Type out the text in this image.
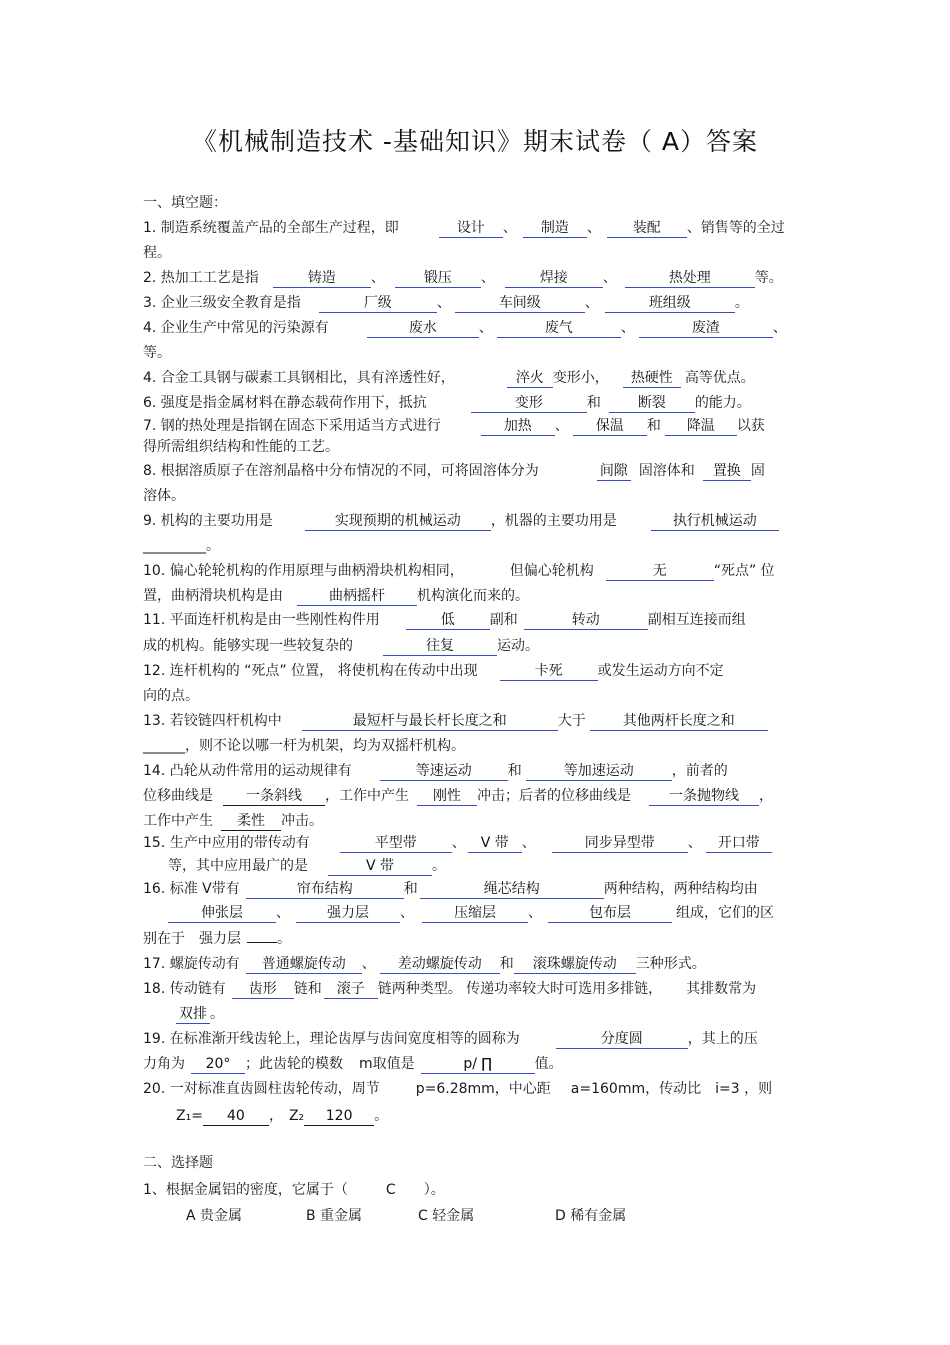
《机械制造技术 -基础知识》期末试卷（ A）答案
一、填空题：
1. 制造系统覆盖产品的全部生产过程，即	设计 、 制造 、 装配 、销售等的全过
程。
2. 热加工工艺是指	铸造	、	锻压 、	焊接	、	热处理	等。
3. 企业三级安全教育是指	厂级	、	车间级	、	班组级	。
4. 企业生产中常见的污染源有	废水	、	废气	、	废渣	、
等。
4. 合金工具钢与碳素工具钢相比，具有淬透性好，	淬火 变形小， 热硬性 高等优点。
6. 强度是指金属材料在静态载荷作用下，抵抗	变形	和	断裂 的能力。
7. 钢的热处理是指钢在固态下采用适当方式进行	加热 、 保温 和 降温 以获
得所需组织结构和性能的工艺。
8. 根据溶质原子在溶剂晶格中分布情况的不同，可将固溶体分为	间隙 固溶体和 置换 固
溶体。
9. 机构的主要功用是	实现预期的机械运动 ，机器的主要功用是	执行机械运动
_________。
10. 偏心轮轮机构的作用原理与曲柄滑块机构相同，	但偏心轮机构	无	“死点” 位
置，曲柄滑块机构是由	曲柄摇杆 机构演化而来的。
11. 平面连杆机构是由一些刚性构件用	低	副和	转动	副相互连接而组
成的机构。能够实现一些较复杂的	往复	运动。
12. 连杆机构的 “死点” 位置， 将使机构在传动中出现	卡死	或发生运动方向不定
向的点。
13. 若铰链四杆机构中	最短杆与最长杆长度之和	大于	其他两杆长度之和
______，则不论以哪一杆为机架，均为双摇杆机构。
14. 凸轮从动件常用的运动规律有	等速运动	和	等加速运动	，前者的
位移曲线是 一条斜线 ，工作中产生 刚性 冲击；后者的位移曲线是	一条抛物线 ，
工作中产生 柔性 冲击。
15. 生产中应用的带传动有	平型带	、 V 带 、	同步异型带 、 开口带
等，其中应用最广的是	V 带	。
16. 标准 V带有	帘布结构	和	绳芯结构	两种结构，两种结构均由
伸张层 、	强力层 、	压缩层 、	包布层	组成，它们的区
别在于 强力层	。
17. 螺旋传动有 普通螺旋传动 、 差动螺旋传动 和 滚珠螺旋传动 三种形式。
18. 传动链有 齿形 链和 滚子 链两种类型。 传递功率较大时可选用多排链， 其排数常为
双排 。
19. 在标准渐开线齿轮上，理论齿厚与齿间宽度相等的圆称为	分度圆	，其上的压
力角为 20° ；此齿轮的模数 m取值是	p/ ∏	值。
20. 一对标准直齿圆柱齿轮传动，周节	p=6.28mm，中心距 a=160mm，传动比 i=3 ，则
Z₁= 40 ， Z₂ 120 。
二、选择题
1、根据金属铝的密度，它属于（	C ）。
A 贵金属	B 重金属	C 轻金属	D 稀有金属
